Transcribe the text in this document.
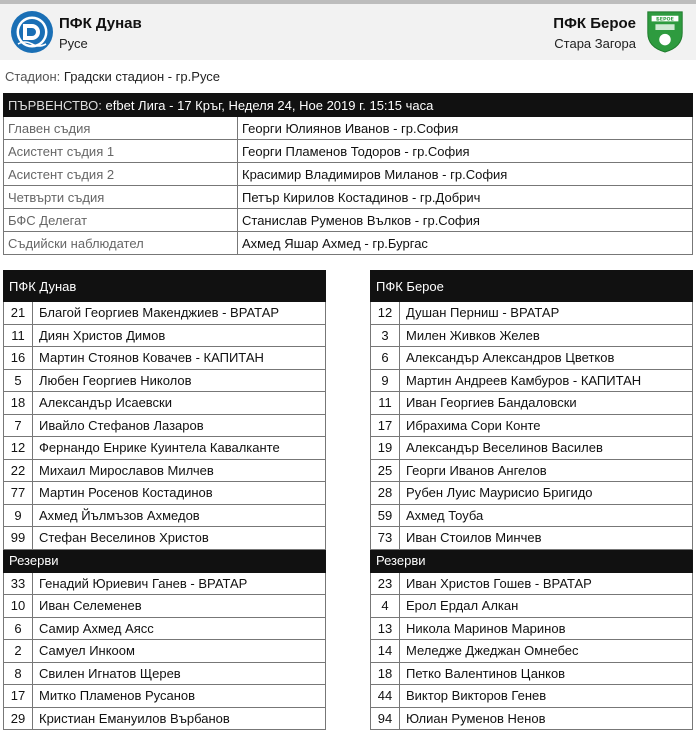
ПФК Дунав
Русе
ПФК Берое
Стара Загора
БЕРОЕ
Стадион: Градски стадион - гр.Русе
ПЪРВЕНСТВО: efbet Лига - 17 Кръг, Неделя 24, Ное 2019 г. 15:15 часа	
Главен съдия	Георги Юлиянов Иванов - гр.София
Асистент съдия 1	Георги Пламенов Тодоров - гр.София
Асистент съдия 2	Красимир Владимиров Миланов - гр.София
Четвърти съдия	Петър Кирилов Костадинов - гр.Добрич
БФС Делегат	Станислав Руменов Вълков - гр.София
Съдийски наблюдател	Ахмед Яшар Ахмед - гр.Бургас
ПФК Дунав	
21	Благой Георгиев Макенджиев - ВРАТАР
11	Диян Христов Димов
16	Мартин Стоянов Ковачев - КАПИТАН
5	Любен Георгиев Николов
18	Александър Исаевски
7	Ивайло Стефанов Лазаров
12	Фернандо Енрике Куинтела Кавалканте
22	Михаил Мирославов Милчев
77	Мартин Росенов Костадинов
9	Ахмед Йълмъзов Ахмедов
99	Стефан Веселинов Христов
Резерви	
33	Генадий Юриевич Ганев - ВРАТАР
10	Иван Селеменев
6	Самир Ахмед Аясс
2	Самуел Инкоом
8	Свилен Игнатов Щерев
17	Митко Пламенов Русанов
29	Кристиан Емануилов Върбанов
ПФК Берое	
12	Душан Перниш - ВРАТАР
3	Милен Живков Желев
6	Александър Александров Цветков
9	Мартин Андреев Камбуров - КАПИТАН
11	Иван Георгиев Бандаловски
17	Ибрахима Сори Конте
19	Александър Веселинов Василев
25	Георги Иванов Ангелов
28	Рубен Луис Маурисио Бригидо
59	Ахмед Тоуба
73	Иван Стоилов Минчев
Резерви	
23	Иван Христов Гошев - ВРАТАР
4	Ерол Ердал Алкан
13	Никола Маринов Маринов
14	Меледже Джеджан Омнебес
18	Петко Валентинов Цанков
44	Виктор Викторов Генев
94	Юлиан Руменов Ненов
